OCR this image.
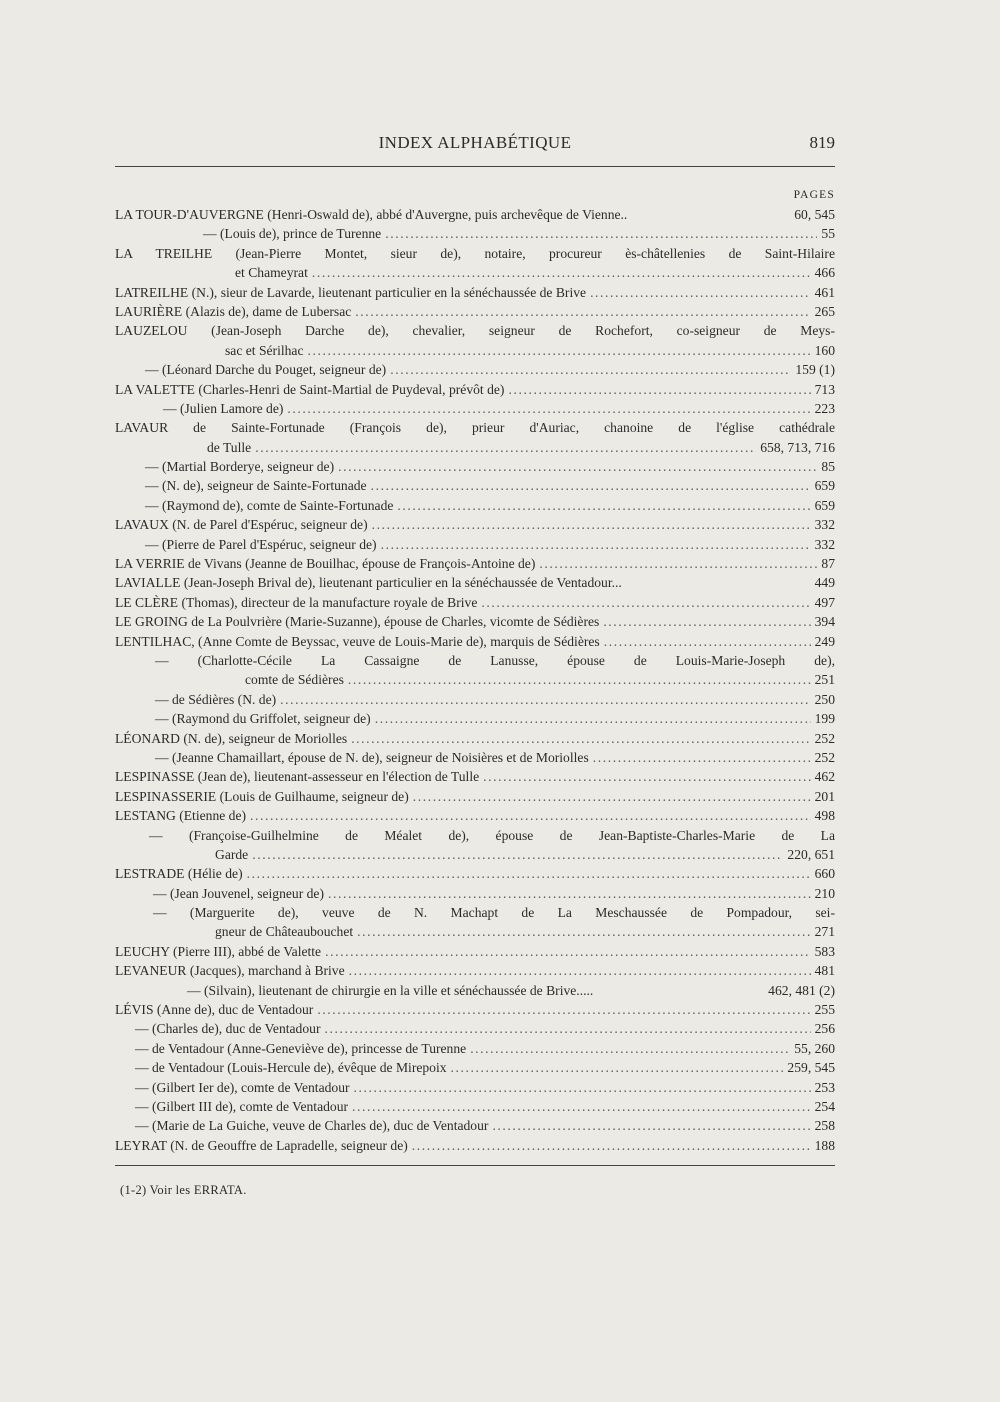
INDEX ALPHABÉTIQUE	819
PAGES
LA TOUR-D'AUVERGNE (Henri-Oswald de), abbé d'Auvergne, puis archevêque de Vienne..	60, 545
— (Louis de), prince de Turenne .....	55
LA TREILHE (Jean-Pierre Montet, sieur de), notaire, procureur ès-châtellenies de Saint-Hilaire
et Chameyrat .....	466
LATREILHE (N.), sieur de Lavarde, lieutenant particulier en la sénéchaussée de Brive .....	461
LAURIÈRE (Alazis de), dame de Lubersac .....	265
LAUZELOU (Jean-Joseph Darche de), chevalier, seigneur de Rochefort, co-seigneur de Meys-
sac et Sérilhac .....	160
— (Léonard Darche du Pouget, seigneur de) .....	159 (1)
LA VALETTE (Charles-Henri de Saint-Martial de Puydeval, prévôt de) .....	713
— (Julien Lamore de) .....	223
LAVAUR de Sainte-Fortunade (François de), prieur d'Auriac, chanoine de l'église cathédrale
de Tulle .....	658, 713, 716
— (Martial Borderye, seigneur de) .....	85
— (N. de), seigneur de Sainte-Fortunade .....	659
— (Raymond de), comte de Sainte-Fortunade .....	659
LAVAUX (N. de Parel d'Espéruc, seigneur de) .....	332
— (Pierre de Parel d'Espéruc, seigneur de) .....	332
LA VERRIE de Vivans (Jeanne de Bouilhac, épouse de François-Antoine de) .....	87
LAVIALLE (Jean-Joseph Brival de), lieutenant particulier en la sénéchaussée de Ventadour...	449
LE CLÈRE (Thomas), directeur de la manufacture royale de Brive .....	497
LE GROING de La Poulvrière (Marie-Suzanne), épouse de Charles, vicomte de Sédières .....	394
LENTILHAC, (Anne Comte de Beyssac, veuve de Louis-Marie de), marquis de Sédières .....	249
— (Charlotte-Cécile La Cassaigne de Lanusse, épouse de Louis-Marie-Joseph de),
comte de Sédières .....	251
— de Sédières (N. de) .....	250
— (Raymond du Griffolet, seigneur de) .....	199
LÉONARD (N. de), seigneur de Moriolles .....	252
— (Jeanne Chamaillart, épouse de N. de), seigneur de Noisières et de Moriolles .....	252
LESPINASSE (Jean de), lieutenant-assesseur en l'élection de Tulle .....	462
LESPINASSERIE (Louis de Guilhaume, seigneur de) .....	201
LESTANG (Etienne de) .....	498
— (Françoise-Guilhelmine de Méalet de), épouse de Jean-Baptiste-Charles-Marie de La
Garde .....	220, 651
LESTRADE (Hélie de) .....	660
— (Jean Jouvenel, seigneur de) .....	210
— (Marguerite de), veuve de N. Machapt de La Meschaussée de Pompadour, sei-
gneur de Châteaubouchet .....	271
LEUCHY (Pierre III), abbé de Valette .....	583
LEVANEUR (Jacques), marchand à Brive .....	481
— (Silvain), lieutenant de chirurgie en la ville et sénéchaussée de Brive.....	462, 481 (2)
LÉVIS (Anne de), duc de Ventadour .....	255
— (Charles de), duc de Ventadour .....	256
— de Ventadour (Anne-Geneviève de), princesse de Turenne .....	55, 260
— de Ventadour (Louis-Hercule de), évêque de Mirepoix .....	259, 545
— (Gilbert Ier de), comte de Ventadour .....	253
— (Gilbert III de), comte de Ventadour .....	254
— (Marie de La Guiche, veuve de Charles de), duc de Ventadour .....	258
LEYRAT (N. de Geouffre de Lapradelle, seigneur de) .....	188
(1-2) Voir les ERRATA.
